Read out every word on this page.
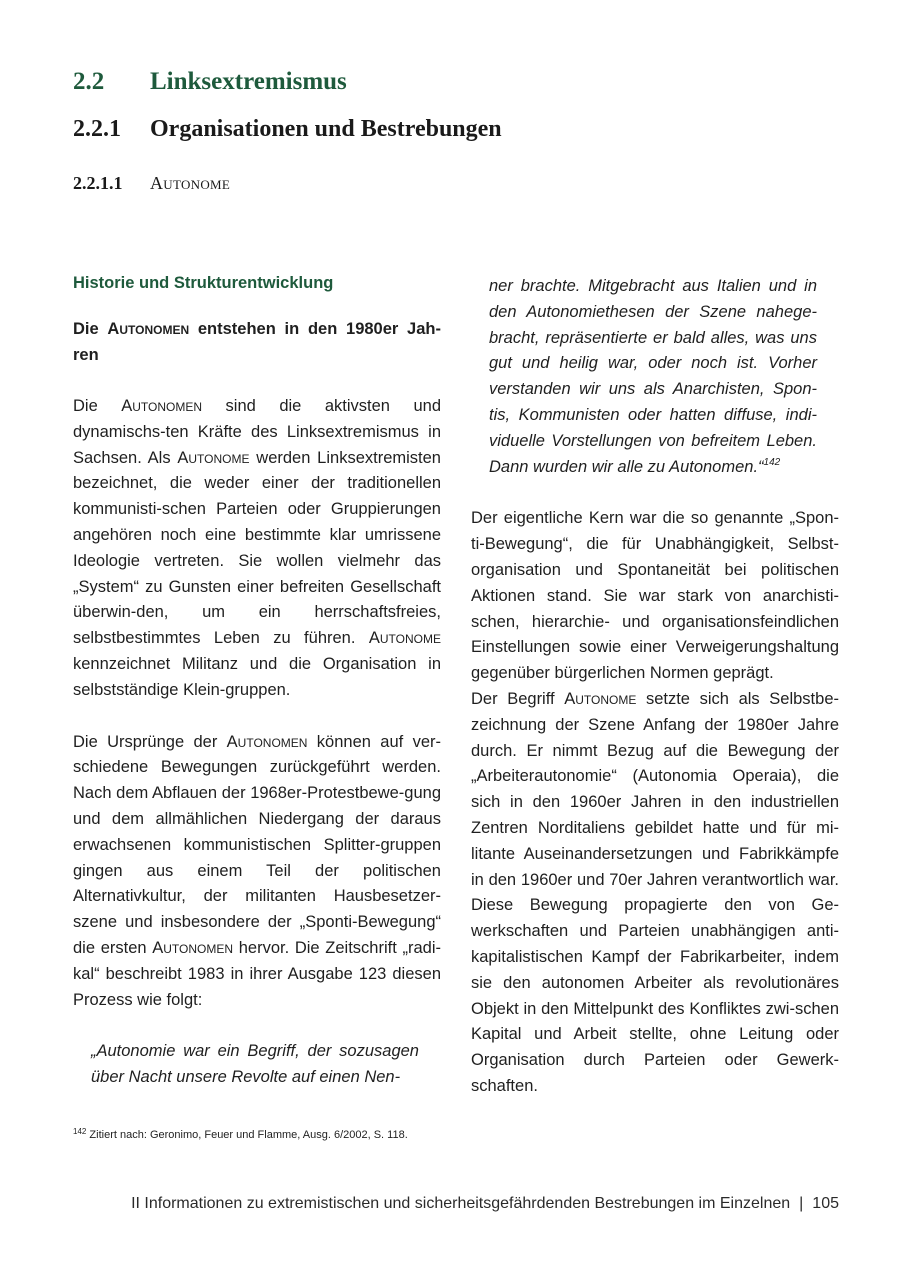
2.2 Linksextremismus
2.2.1 Organisationen und Bestrebungen
2.2.1.1 Autonome
Historie und Strukturentwicklung
Die Autonomen entstehen in den 1980er Jah-ren

Die Autonomen sind die aktivsten und dynamischs-ten Kräfte des Linksextremismus in Sachsen. Als Autonome werden Linksextremisten bezeichnet, die weder einer der traditionellen kommunisti-schen Parteien oder Gruppierungen angehören noch eine bestimmte klar umrissene Ideologie vertreten. Sie wollen vielmehr das „System“ zu Gunsten einer befreiten Gesellschaft überwin-den, um ein herrschaftsfreies, selbstbestimmtes Leben zu führen. Autonome kennzeichnet Militanz und die Organisation in selbstständige Klein-gruppen.

Die Ursprünge der Autonomen können auf ver-schiedene Bewegungen zurückgeführt werden. Nach dem Abflauen der 1968er-Protestbewe-gung und dem allmählichen Niedergang der daraus erwachsenen kommunistischen Splitter-gruppen gingen aus einem Teil der politischen Alternativkultur, der militanten Hausbesetzer-szene und insbesondere der „Sponti-Bewegung“ die ersten Autonomen hervor. Die Zeitschrift „radi-kal“ beschreibt 1983 in ihrer Ausgabe 123 diesen Prozess wie folgt:

„Autonomie war ein Begriff, der sozusagen über Nacht unsere Revolte auf einen Nen-

ner brachte. Mitgebracht aus Italien und in den Autonomiethesen der Szene nahege-bracht, repräsentierte er bald alles, was uns gut und heilig war, oder noch ist. Vorher verstanden wir uns als Anarchisten, Spon-tis, Kommunisten oder hatten diffuse, indi-viduelle Vorstellungen von befreitem Leben. Dann wurden wir alle zu Autonomen.“$^{142}$

Der eigentliche Kern war die so genannte „Spon-ti-Bewegung“, die für Unabhängigkeit, Selbst-organisation und Spontaneität bei politischen Aktionen stand. Sie war stark von anarchisti-schen, hierarchie- und organisationsfeindlichen Einstellungen sowie einer Verweigerungshaltung gegenüber bürgerlichen Normen geprägt.

Der Begriff Autonome setzte sich als Selbstbe-zeichnung der Szene Anfang der 1980er Jahre durch. Er nimmt Bezug auf die Bewegung der „Arbeiterautonomie“ (Autonomia Operaia), die sich in den 1960er Jahren in den industriellen Zentren Norditaliens gebildet hatte und für mi-litante Auseinandersetzungen und Fabrikkämpfe in den 1960er und 70er Jahren verantwortlich war. Diese Bewegung propagierte den von Ge-werkschaften und Parteien unabhängigen anti-kapitalistischen Kampf der Fabrikarbeiter, indem sie den autonomen Arbeiter als revolutionäres Objekt in den Mittelpunkt des Konfliktes zwi-schen Kapital und Arbeit stellte, ohne Leitung oder Organisation durch Parteien oder Gewerk-schaften.

$^{142}$ Zitiert nach: Geronimo, Feuer und Flamme, Ausg. 6/2002, S. 118.
II Informationen zu extremistischen und sicherheitsgefährdenden Bestrebungen im Einzelnen | 105
